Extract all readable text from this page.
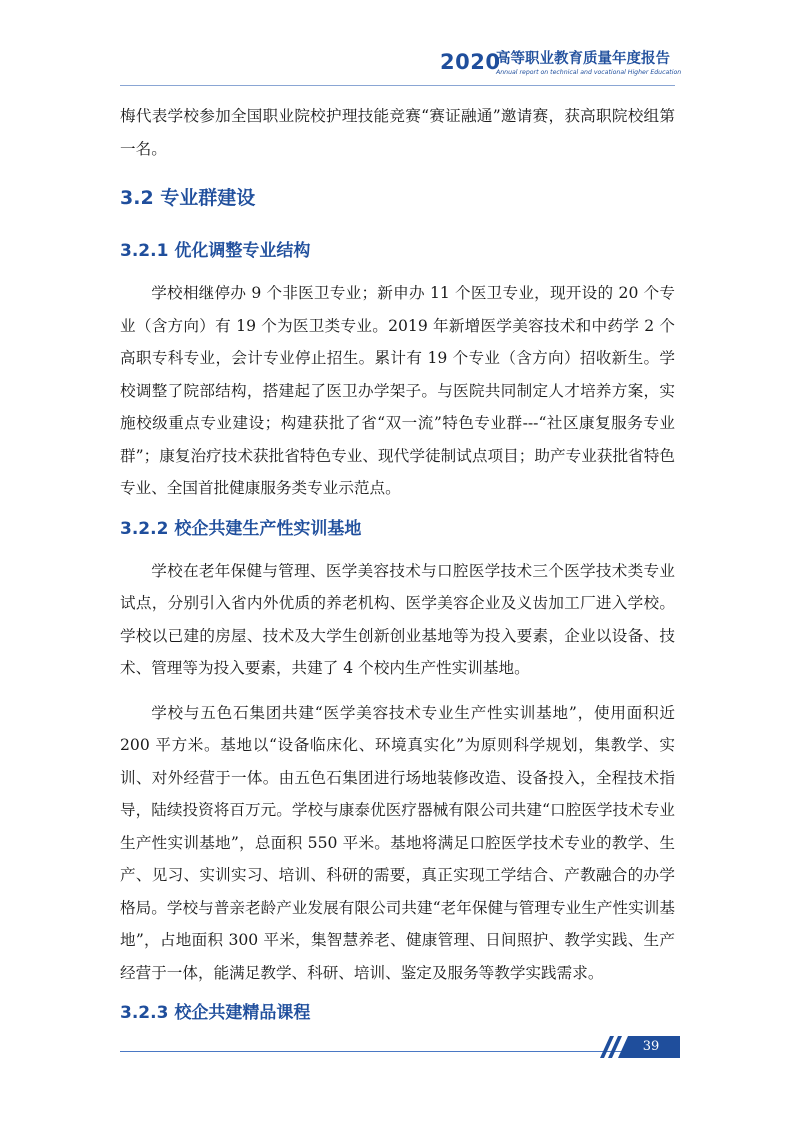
2020
高等职业教育质量年度报告
Annual report on technical and vocational Higher Education

梅代表学校参加全国职业院校护理技能竞赛“赛证融通”邀请赛，获高职院校组第一名。

3.2 专业群建设
3.2.1 优化调整专业结构

学校相继停办 9 个非医卫专业；新申办 11 个医卫专业，现开设的 20 个专业（含方向）有 19 个为医卫类专业。2019 年新增医学美容技术和中药学 2 个高职专科专业，会计专业停止招生。累计有 19 个专业（含方向）招收新生。学校调整了院部结构，搭建起了医卫办学架子。与医院共同制定人才培养方案，实施校级重点专业建设；构建获批了省“双一流”特色专业群---“社区康复服务专业群”；康复治疗技术获批省特色专业、现代学徒制试点项目；助产专业获批省特色专业、全国首批健康服务类专业示范点。

3.2.2 校企共建生产性实训基地

学校在老年保健与管理、医学美容技术与口腔医学技术三个医学技术类专业试点，分别引入省内外优质的养老机构、医学美容企业及义齿加工厂进入学校。学校以已建的房屋、技术及大学生创新创业基地等为投入要素，企业以设备、技术、管理等为投入要素，共建了 4 个校内生产性实训基地。

学校与五色石集团共建“医学美容技术专业生产性实训基地”，使用面积近 200 平方米。基地以“设备临床化、环境真实化”为原则科学规划，集教学、实训、对外经营于一体。由五色石集团进行场地装修改造、设备投入，全程技术指导，陆续投资将百万元。学校与康泰优医疗器械有限公司共建“口腔医学技术专业生产性实训基地”，总面积 550 平米。基地将满足口腔医学技术专业的教学、生产、见习、实训实习、培训、科研的需要，真正实现工学结合、产教融合的办学格局。学校与普亲老龄产业发展有限公司共建“老年保健与管理专业生产性实训基地”，占地面积 300 平米，集智慧养老、健康管理、日间照护、教学实践、生产经营于一体，能满足教学、科研、培训、鉴定及服务等教学实践需求。

3.2.3 校企共建精品课程
39
